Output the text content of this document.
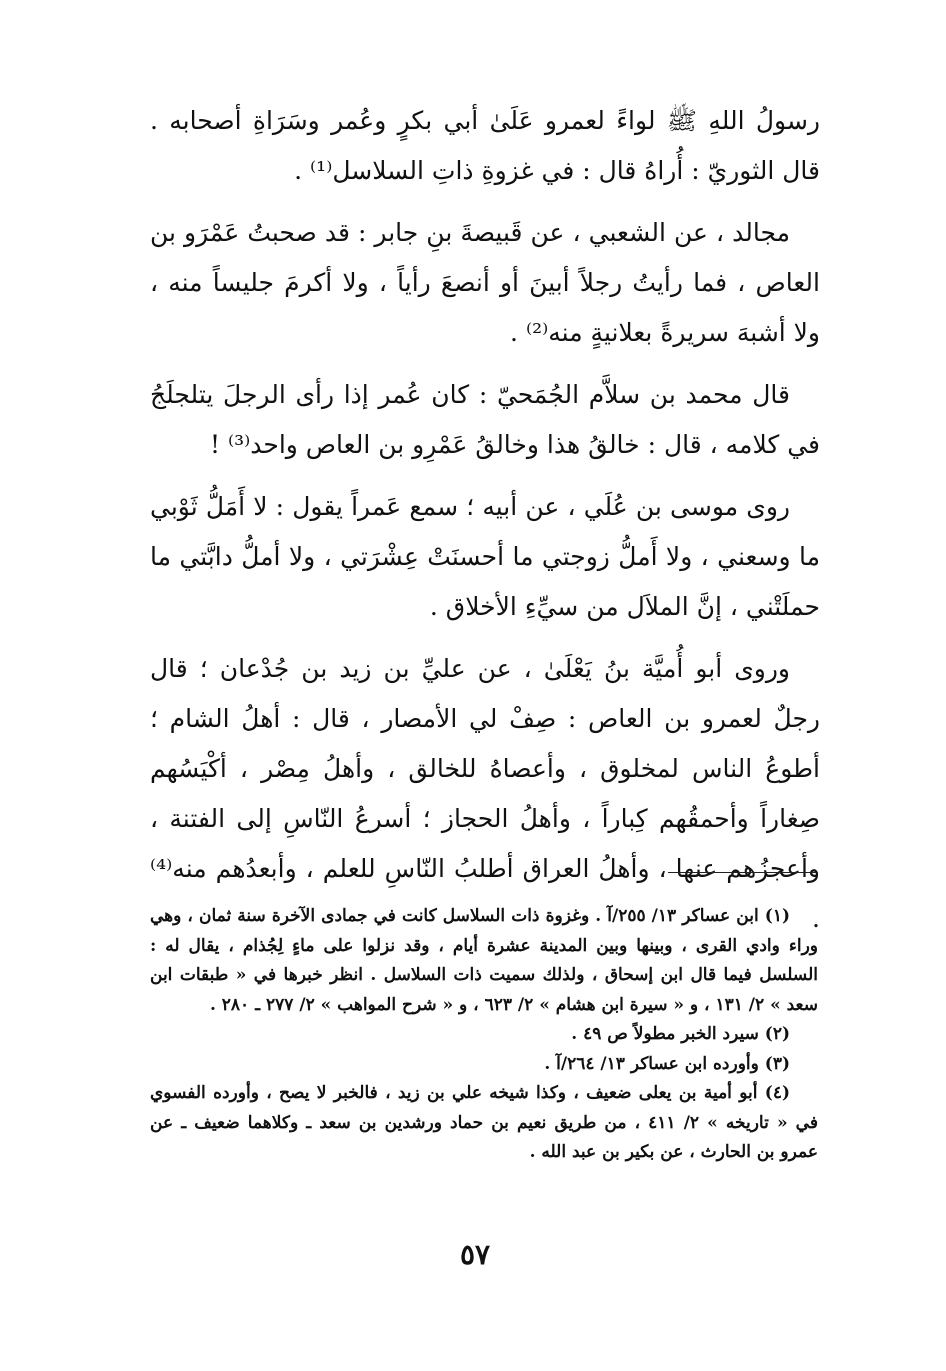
رسولُ اللهِ ﷺ لواءً لعمرو عَلَىٰ أبي بكرٍ وعُمر وسَرَاةِ أصحابه . قال الثوريّ : أُراهُ قال : في غزوةِ ذاتِ السلاسل⁽¹⁾ .

مجالد ، عن الشعبي ، عن قَبيصةَ بنِ جابر : قد صحبتُ عَمْرَو بن العاص ، فما رأيتُ رجلاً أبينَ أو أنصعَ رأياً ، ولا أكرمَ جليساً منه ، ولا أشبهَ سريرةً بعلانيةٍ منه⁽²⁾ .

قال محمد بن سلاَّم الجُمَحيّ : كان عُمر إذا رأى الرجلَ يتلجلَجُ في كلامه ، قال : خالقُ هذا وخالقُ عَمْرِو بن العاص واحد⁽³⁾ !

روى موسى بن عُلَي ، عن أبيه ؛ سمع عَمراً يقول : لا أَمَلُّ ثَوْبي ما وسعني ، ولا أَملُّ زوجتي ما أحسنَتْ عِشْرَتي ، ولا أملُّ دابَّتي ما حملَتْني ، إنَّ الملاَل من سيِّءِ الأخلاق .

وروى أبو أُميَّة بنُ يَعْلَىٰ ، عن عليِّ بن زيد بن جُدْعان ؛ قال رجلٌ لعمرو بن العاص : صِفْ لي الأمصار ، قال : أهلُ الشام ؛ أطوعُ الناس لمخلوق ، وأعصاهُ للخالق ، وأهلُ مِصْر ، أكْيَسُهم صِغاراً وأحمقُهم كِباراً ، وأهلُ الحجاز ؛ أسرعُ النّاسِ إلى الفتنة ، وأعجزُهم عنها ، وأهلُ العراق أطلبُ النّاسِ للعلم ، وأبعدُهم منه⁽⁴⁾ .

(١) ابن عساكر ١٣/ ٢٥٥/آ . وغزوة ذات السلاسل كانت في جمادى الآخرة سنة ثمان ، وهي وراء وادي القرى ، وبينها وبين المدينة عشرة أيام ، وقد نزلوا على ماءٍ لِجُذام ، يقال له : السلسل فيما قال ابن إسحاق ، ولذلك سميت ذات السلاسل . انظر خبرها في « طبقات ابن سعد » ٢/ ١٣١ ، و « سيرة ابن هشام » ٢/ ٦٢٣ ، و « شرح المواهب » ٢/ ٢٧٧ ـ ٢٨٠ .

(٢) سيرد الخبر مطولاً ص ٤٩ .

(٣) وأورده ابن عساكر ١٣/ ٢٦٤/آ .

(٤) أبو أمية بن يعلى ضعيف ، وكذا شيخه علي بن زيد ، فالخبر لا يصح ، وأورده الفسوي في « تاريخه » ٢/ ٤١١ ، من طريق نعيم بن حماد ورشدين بن سعد ـ وكلاهما ضعيف ـ عن عمرو بن الحارث ، عن بكير بن عبد الله .

٥٧
